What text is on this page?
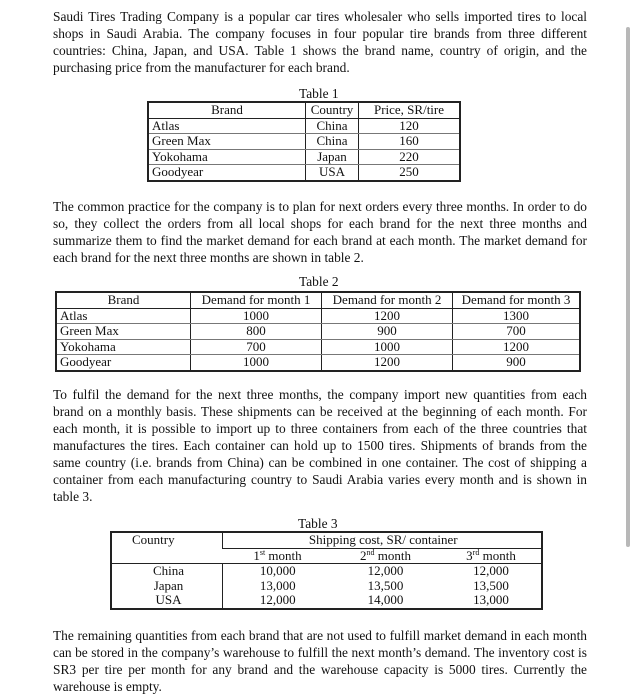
Saudi Tires Trading Company is a popular car tires wholesaler who sells imported tires to local shops in Saudi Arabia. The company focuses in four popular tire brands from three different countries: China, Japan, and USA. Table 1 shows the brand name, country of origin, and the purchasing price from the manufacturer for each brand.

Table 1
Brand	Country	Price, SR/tire
Atlas	China	120
Green Max	China	160
Yokohama	Japan	220
Goodyear	USA	250

The common practice for the company is to plan for next orders every three months. In order to do so, they collect the orders from all local shops for each brand for the next three months and summarize them to find the market demand for each brand at each month. The market demand for each brand for the next three months are shown in table 2.

Table 2
Brand	Demand for month 1	Demand for month 2	Demand for month 3
Atlas	1000	1200	1300
Green Max	800	900	700
Yokohama	700	1000	1200
Goodyear	1000	1200	900

To fulfil the demand for the next three months, the company import new quantities from each brand on a monthly basis. These shipments can be received at the beginning of each month. For each month, it is possible to import up to three containers from each of the three countries that manufactures the tires. Each container can hold up to 1500 tires. Shipments of brands from the same country (i.e. brands from China) can be combined in one container. The cost of shipping a container from each manufacturing country to Saudi Arabia varies every month and is shown in table 3.

Table 3
Country	Shipping cost, SR/ container		
	1st month	2nd month	3rd month
China	10,000	12,000	12,000
Japan	13,000	13,500	13,500
USA	12,000	14,000	13,000

The remaining quantities from each brand that are not used to fulfill market demand in each month can be stored in the company’s warehouse to fulfill the next month’s demand. The inventory cost is SR3 per tire per month for any brand and the warehouse capacity is 5000 tires. Currently the warehouse is empty.
